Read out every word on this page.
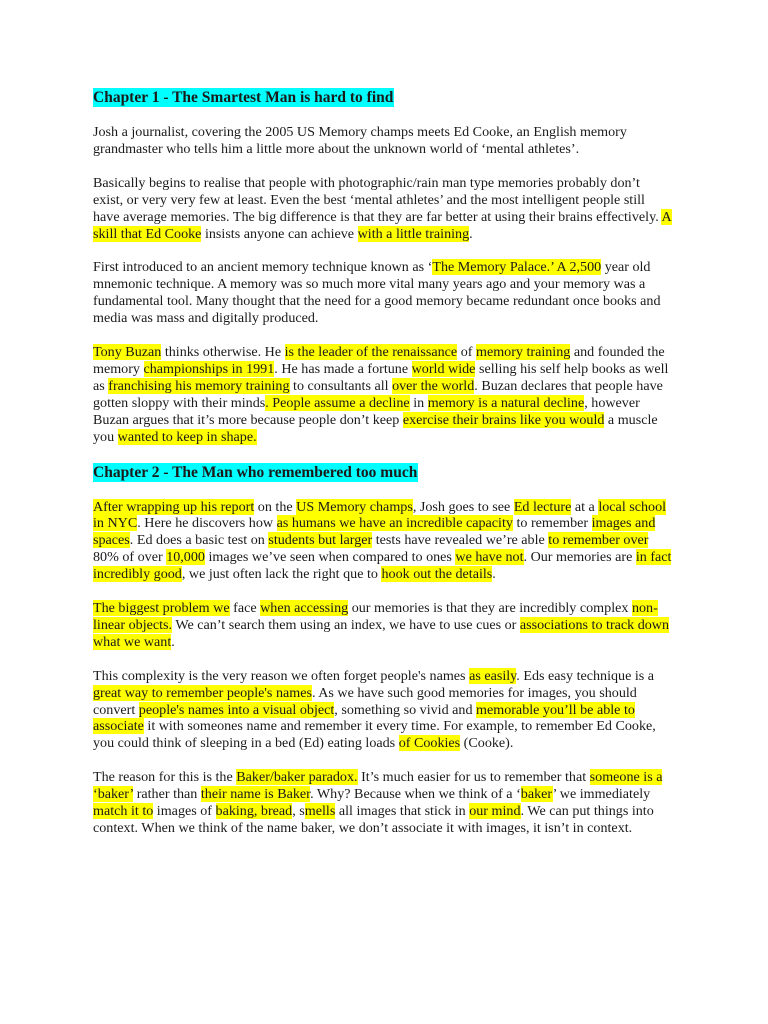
Chapter 1 - The Smartest Man is hard to find

Josh a journalist, covering the 2005 US Memory champs meets Ed Cooke, an English memory grandmaster who tells him a little more about the unknown world of ‘mental athletes’.

Basically begins to realise that people with photographic/rain man type memories probably don’t exist, or very very few at least. Even the best ‘mental athletes’ and the most intelligent people still have average memories. The big difference is that they are far better at using their brains effectively. A skill that Ed Cooke insists anyone can achieve with a little training.

First introduced to an ancient memory technique known as ‘The Memory Palace.’ A 2,500 year old mnemonic technique. A memory was so much more vital many years ago and your memory was a fundamental tool. Many thought that the need for a good memory became redundant once books and media was mass and digitally produced.

Tony Buzan thinks otherwise. He is the leader of the renaissance of memory training and founded the memory championships in 1991. He has made a fortune world wide selling his self help books as well as franchising his memory training to consultants all over the world. Buzan declares that people have gotten sloppy with their minds. People assume a decline in memory is a natural decline, however Buzan argues that it’s more because people don’t keep exercise their brains like you would a muscle you wanted to keep in shape.

Chapter 2 - The Man who remembered too much

After wrapping up his report on the US Memory champs, Josh goes to see Ed lecture at a local school in NYC. Here he discovers how as humans we have an incredible capacity to remember images and spaces. Ed does a basic test on students but larger tests have revealed we’re able to remember over 80% of over 10,000 images we’ve seen when compared to ones we have not. Our memories are in fact incredibly good, we just often lack the right que to hook out the details.

The biggest problem we face when accessing our memories is that they are incredibly complex non-linear objects. We can’t search them using an index, we have to use cues or associations to track down what we want.

This complexity is the very reason we often forget people's names as easily. Eds easy technique is a great way to remember people's names. As we have such good memories for images, you should convert people's names into a visual object, something so vivid and memorable you’ll be able to associate it with someones name and remember it every time. For example, to remember Ed Cooke, you could think of sleeping in a bed (Ed) eating loads of Cookies (Cooke).

The reason for this is the Baker/baker paradox. It’s much easier for us to remember that someone is a ‘baker’ rather than their name is Baker. Why? Because when we think of a ‘baker’ we immediately match it to images of baking, bread, smells all images that stick in our mind. We can put things into context. When we think of the name baker, we don’t associate it with images, it isn’t in context.
